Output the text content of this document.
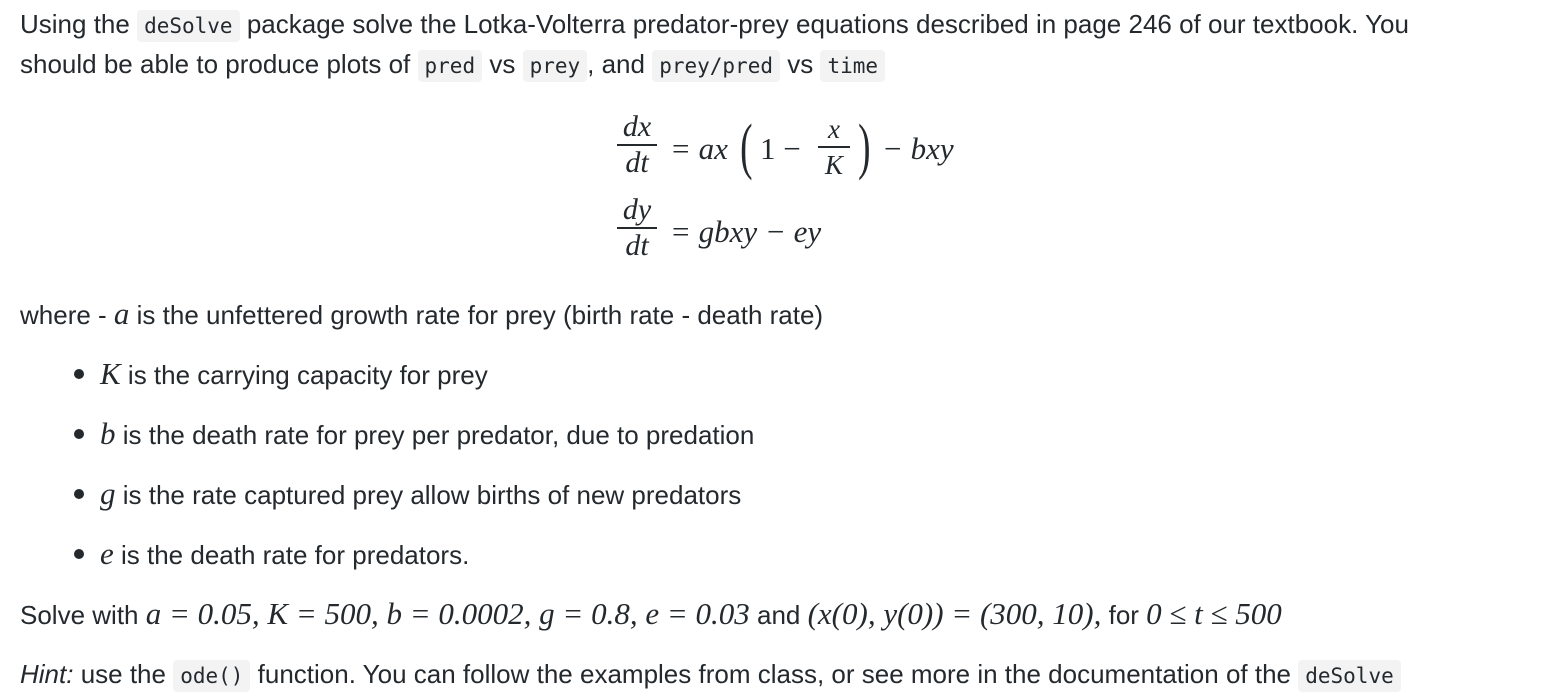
Using the deSolve package solve the Lotka-Volterra predator-prey equations described in page 246 of our textbook. You
should be able to produce plots of pred vs prey , and prey/pred vs time
dx
dt = ax ( 1 −
x
K ) − bxy
dy
dt = gbxy − ey
where - a is the unfettered growth rate for prey (birth rate - death rate)
K is the carrying capacity for prey
b is the death rate for prey per predator, due to predation
g is the rate captured prey allow births of new predators
e is the death rate for predators.
Solve with a = 0.05, K = 500, b = 0.0002, g = 0.8, e = 0.03 and (x(0), y(0)) = (300, 10), for 0 ≤ t ≤ 500
Hint: use the ode() function. You can follow the examples from class, or see more in the documentation of the deSolve
